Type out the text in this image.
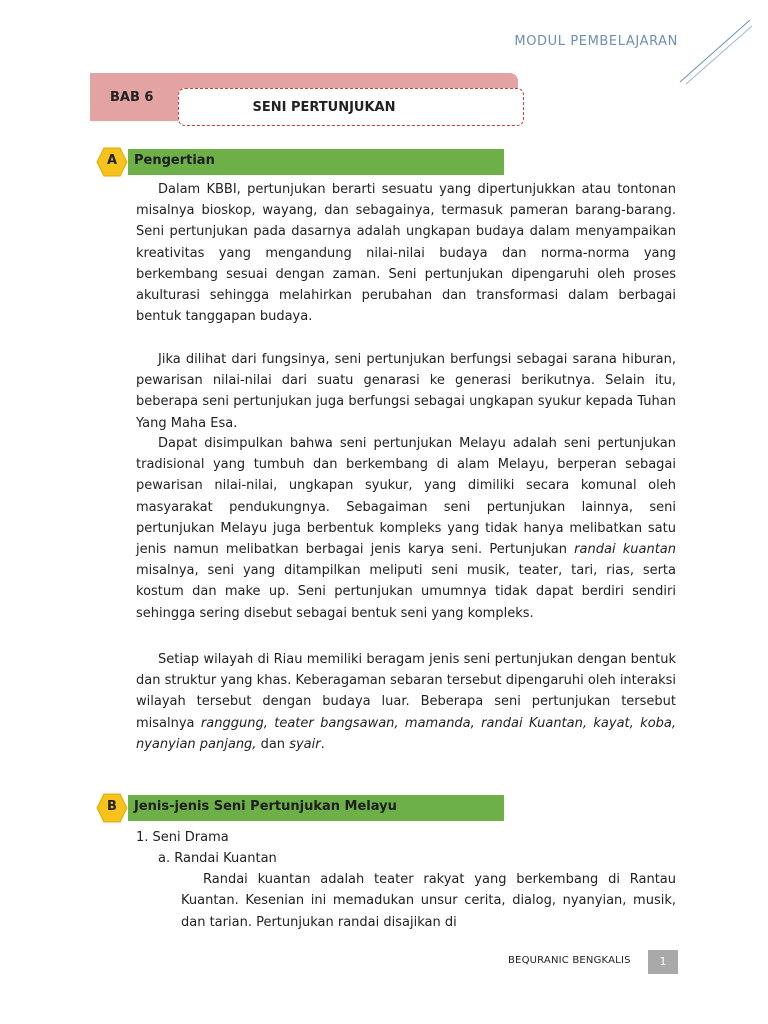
MODUL PEMBELAJARAN
BAB 6
SENI PERTUNJUKAN
A	Pengertian
Dalam KBBI, pertunjukan berarti sesuatu yang dipertunjukkan atau tontonan misalnya bioskop, wayang, dan sebagainya, termasuk pameran barang-barang. Seni pertunjukan pada dasarnya adalah ungkapan budaya dalam menyampaikan kreativitas yang mengandung nilai-nilai budaya dan norma-norma yang berkembang sesuai dengan zaman. Seni pertunjukan dipengaruhi oleh proses akulturasi sehingga melahirkan perubahan dan transformasi dalam berbagai bentuk tanggapan budaya.
Jika dilihat dari fungsinya, seni pertunjukan berfungsi sebagai sarana hiburan, pewarisan nilai-nilai dari suatu genarasi ke generasi berikutnya. Selain itu, beberapa seni pertunjukan juga berfungsi sebagai ungkapan syukur kepada Tuhan Yang Maha Esa.
Dapat disimpulkan bahwa seni pertunjukan Melayu adalah seni pertunjukan tradisional yang tumbuh dan berkembang di alam Melayu, berperan sebagai pewarisan nilai-nilai, ungkapan syukur, yang dimiliki secara komunal oleh masyarakat pendukungnya. Sebagaiman seni pertunjukan lainnya, seni pertunjukan Melayu juga berbentuk kompleks yang tidak hanya melibatkan satu jenis namun melibatkan berbagai jenis karya seni. Pertunjukan randai kuantan misalnya, seni yang ditampilkan meliputi seni musik, teater, tari, rias, serta kostum dan make up. Seni pertunjukan umumnya tidak dapat berdiri sendiri sehingga sering disebut sebagai bentuk seni yang kompleks.
Setiap wilayah di Riau memiliki beragam jenis seni pertunjukan dengan bentuk dan struktur yang khas. Keberagaman sebaran tersebut dipengaruhi oleh interaksi wilayah tersebut dengan budaya luar. Beberapa seni pertunjukan tersebut misalnya ranggung, teater bangsawan, mamanda, randai Kuantan, kayat, koba, nyanyian panjang, dan syair.
B	Jenis-jenis Seni Pertunjukan Melayu
1. Seni Drama
a. Randai Kuantan
Randai kuantan adalah teater rakyat yang berkembang di Rantau Kuantan. Kesenian ini memadukan unsur cerita, dialog, nyanyian, musik, dan tarian. Pertunjukan randai disajikan di
BEQURANIC BENGKALIS	1
